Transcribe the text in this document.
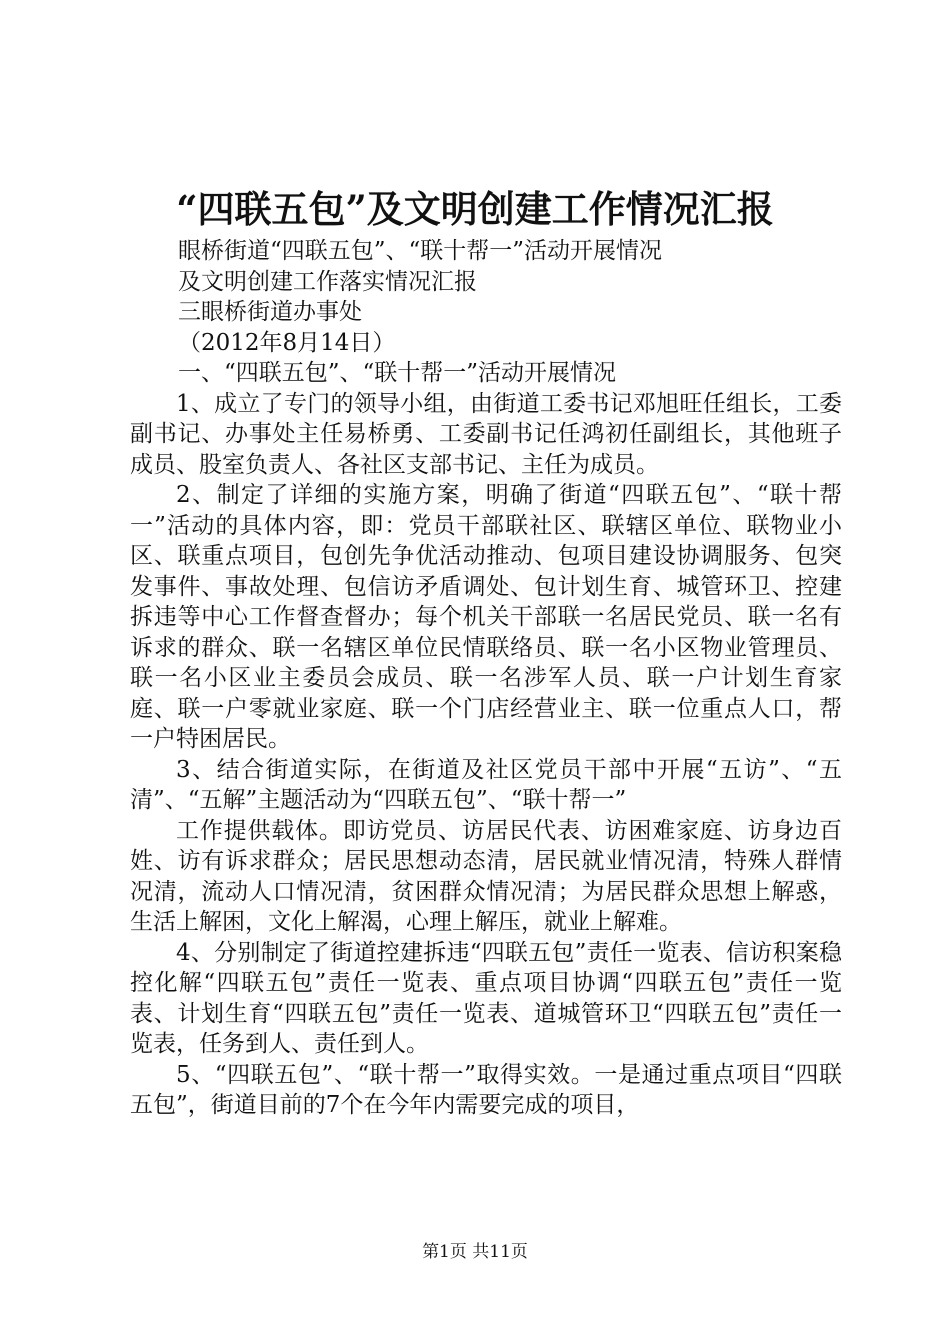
“四联五包”及文明创建工作情况汇报

眼桥街道“四联五包”、“联十帮一”活动开展情况

及文明创建工作落实情况汇报

三眼桥街道办事处

（2012年8月14日）

一、“四联五包”、“联十帮一”活动开展情况

1、成立了专门的领导小组，由街道工委书记邓旭旺任组长，工委副书记、办事处主任易桥勇、工委副书记任鸿初任副组长，其他班子成员、股室负责人、各社区支部书记、主任为成员。

2、制定了详细的实施方案，明确了街道“四联五包”、“联十帮一”活动的具体内容，即：党员干部联社区、联辖区单位、联物业小区、联重点项目，包创先争优活动推动、包项目建设协调服务、包突发事件、事故处理、包信访矛盾调处、包计划生育、城管环卫、控建拆违等中心工作督查督办；每个机关干部联一名居民党员、联一名有诉求的群众、联一名辖区单位民情联络员、联一名小区物业管理员、联一名小区业主委员会成员、联一名涉军人员、联一户计划生育家庭、联一户零就业家庭、联一个门店经营业主、联一位重点人口，帮一户特困居民。

3、结合街道实际，在街道及社区党员干部中开展“五访”、“五清”、“五解”主题活动为“四联五包”、“联十帮一”

工作提供载体。即访党员、访居民代表、访困难家庭、访身边百姓、访有诉求群众；居民思想动态清，居民就业情况清，特殊人群情况清，流动人口情况清，贫困群众情况清；为居民群众思想上解惑，生活上解困，文化上解渴，心理上解压，就业上解难。

4、分别制定了街道控建拆违“四联五包”责任一览表、信访积案稳控化解“四联五包”责任一览表、重点项目协调“四联五包”责任一览表、计划生育“四联五包”责任一览表、道城管环卫“四联五包”责任一览表，任务到人、责任到人。

5、“四联五包”、“联十帮一”取得实效。一是通过重点项目“四联五包”，街道目前的7个在今年内需要完成的项目，

第1页 共11页
